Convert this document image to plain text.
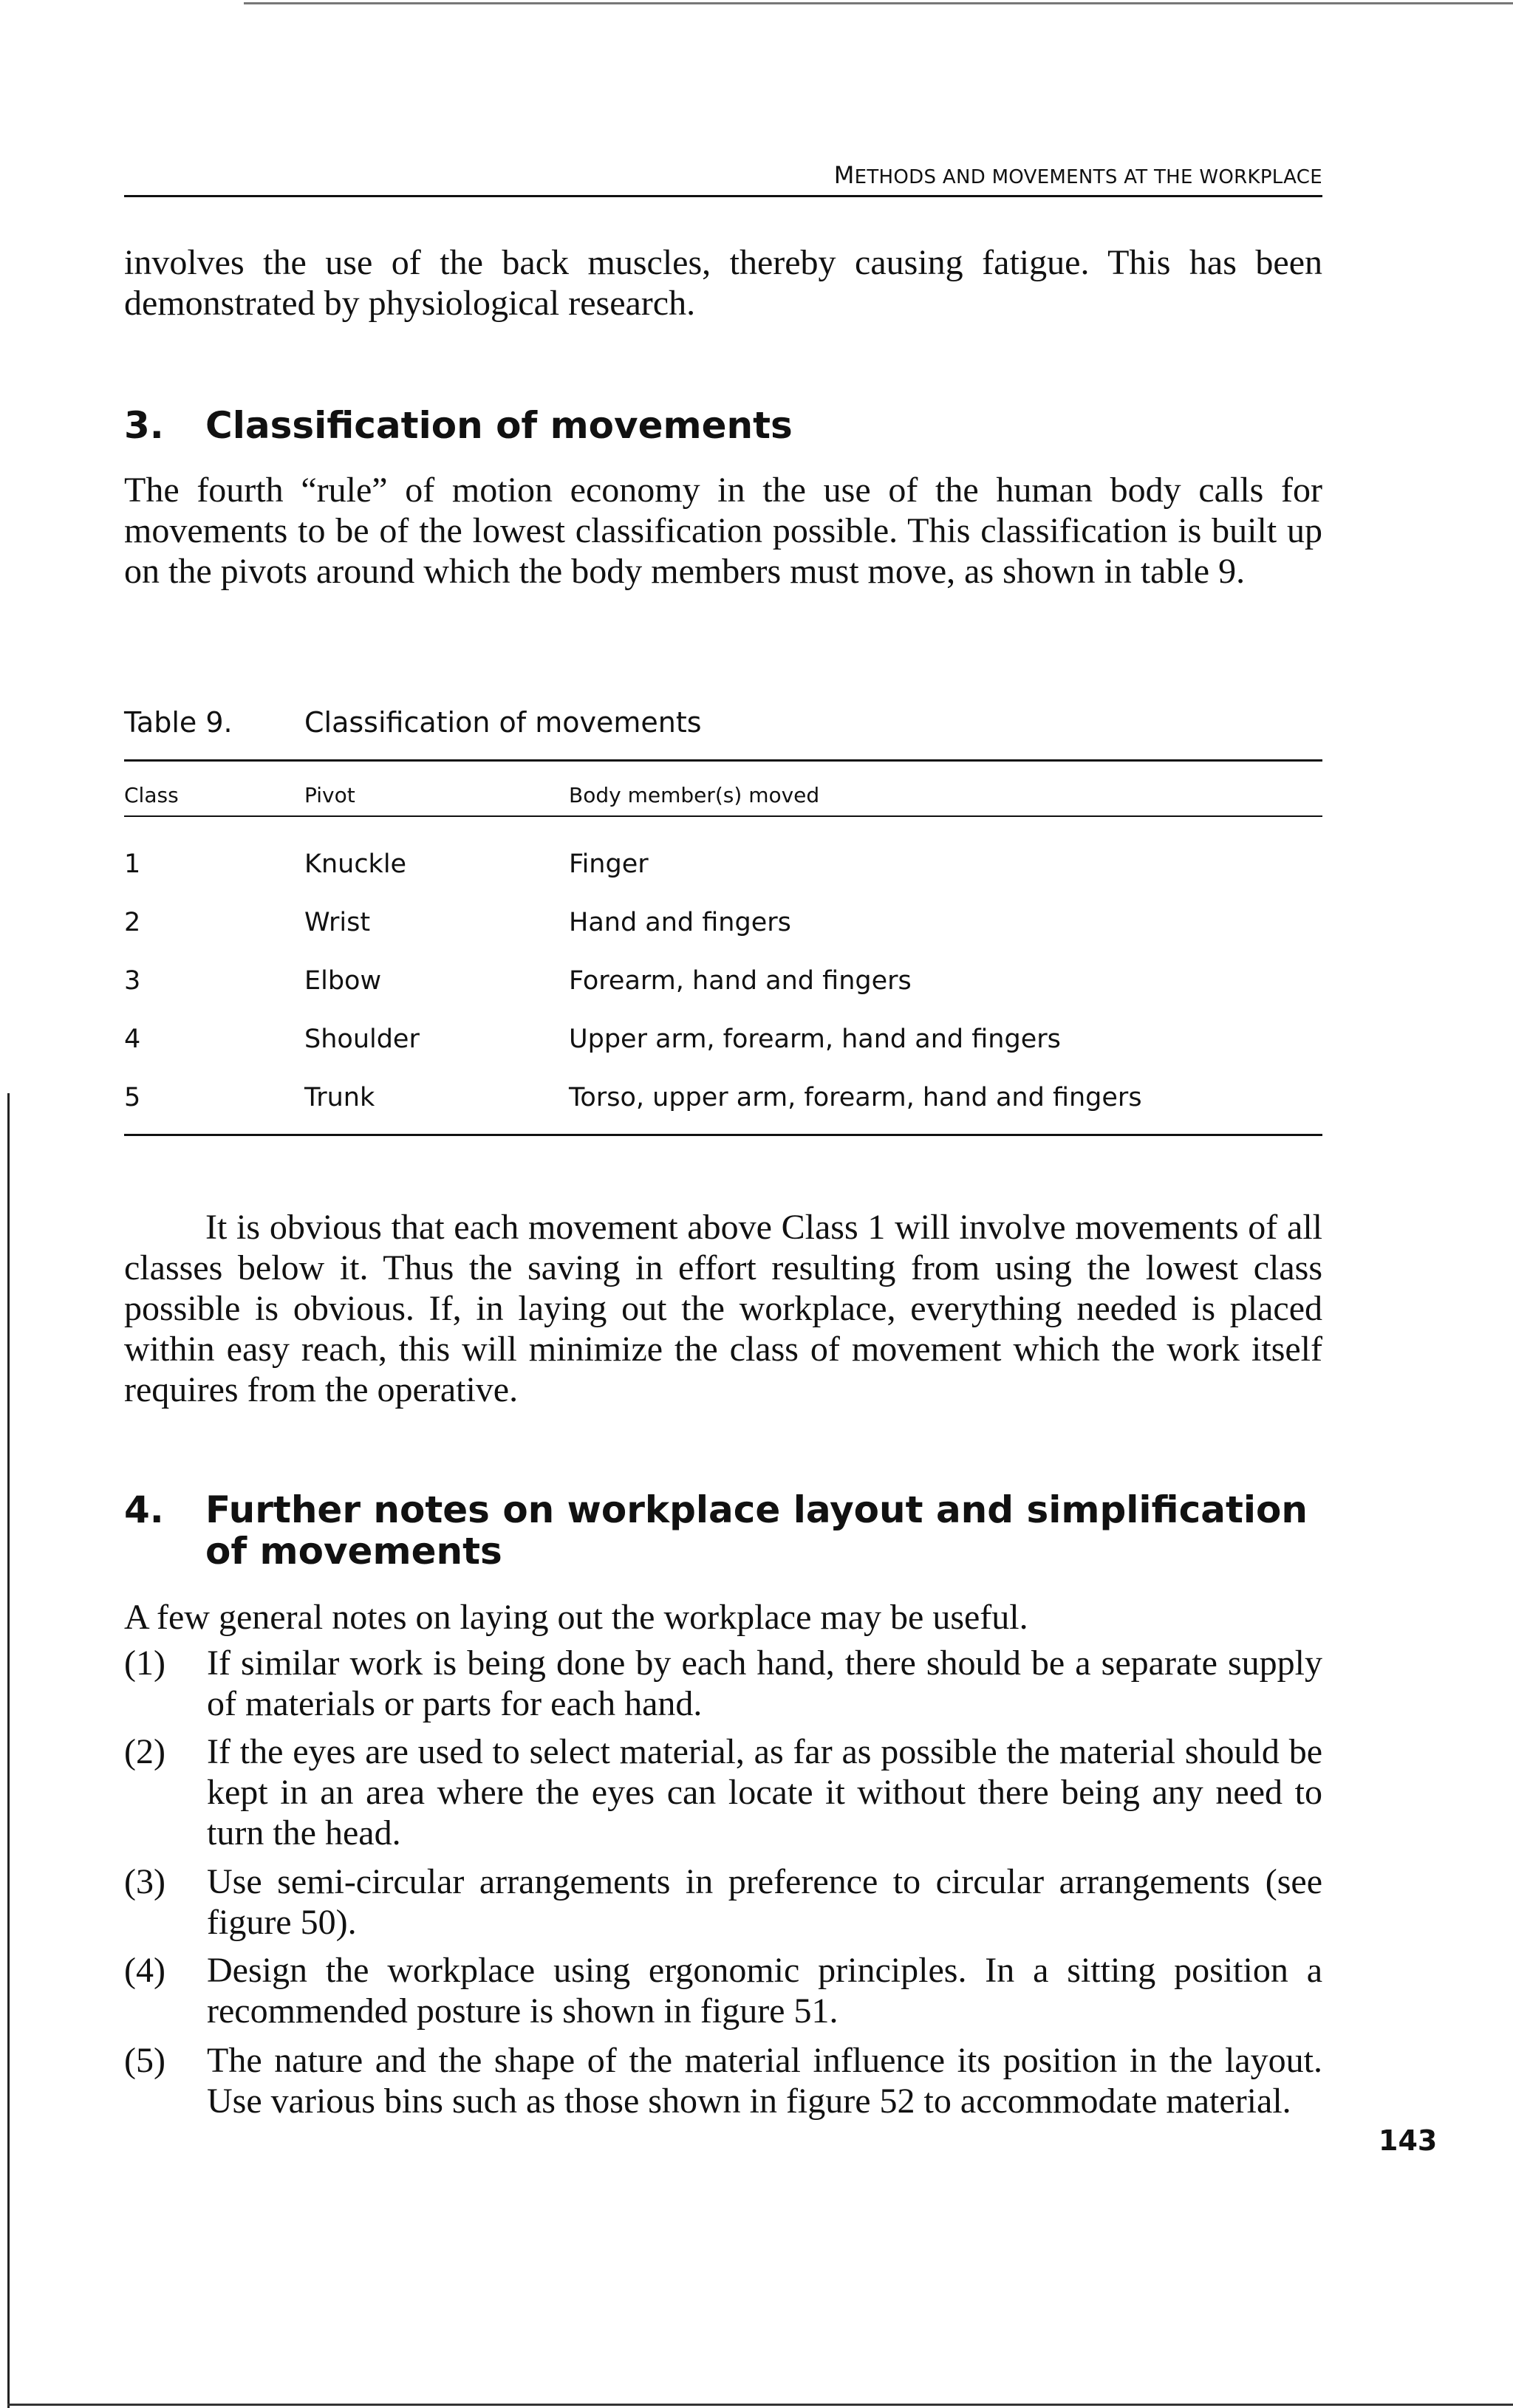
METHODS AND MOVEMENTS AT THE WORKPLACE
involves the use of the back muscles, thereby causing fatigue. This has been demonstrated by physiological research.
3. Classification of movements
The fourth “rule” of motion economy in the use of the human body calls for movements to be of the lowest classification possible. This classification is built up on the pivots around which the body members must move, as shown in table 9.
Table 9.	Classification of movements
Class	Pivot	Body member(s) moved
1	Knuckle	Finger
2	Wrist	Hand and fingers
3	Elbow	Forearm, hand and fingers
4	Shoulder	Upper arm, forearm, hand and fingers
5	Trunk	Torso, upper arm, forearm, hand and fingers
It is obvious that each movement above Class 1 will involve movements of all classes below it. Thus the saving in effort resulting from using the lowest class possible is obvious. If, in laying out the workplace, everything needed is placed within easy reach, this will minimize the class of movement which the work itself requires from the operative.
4. Further notes on workplace layout and simplification of movements
A few general notes on laying out the workplace may be useful.
(1) If similar work is being done by each hand, there should be a separate supply of materials or parts for each hand.
(2) If the eyes are used to select material, as far as possible the material should be kept in an area where the eyes can locate it without there being any need to turn the head.
(3) Use semi-circular arrangements in preference to circular arrangements (see figure 50).
(4) Design the workplace using ergonomic principles. In a sitting position a recommended posture is shown in figure 51.
(5) The nature and the shape of the material influence its position in the layout. Use various bins such as those shown in figure 52 to accommodate material.
143
